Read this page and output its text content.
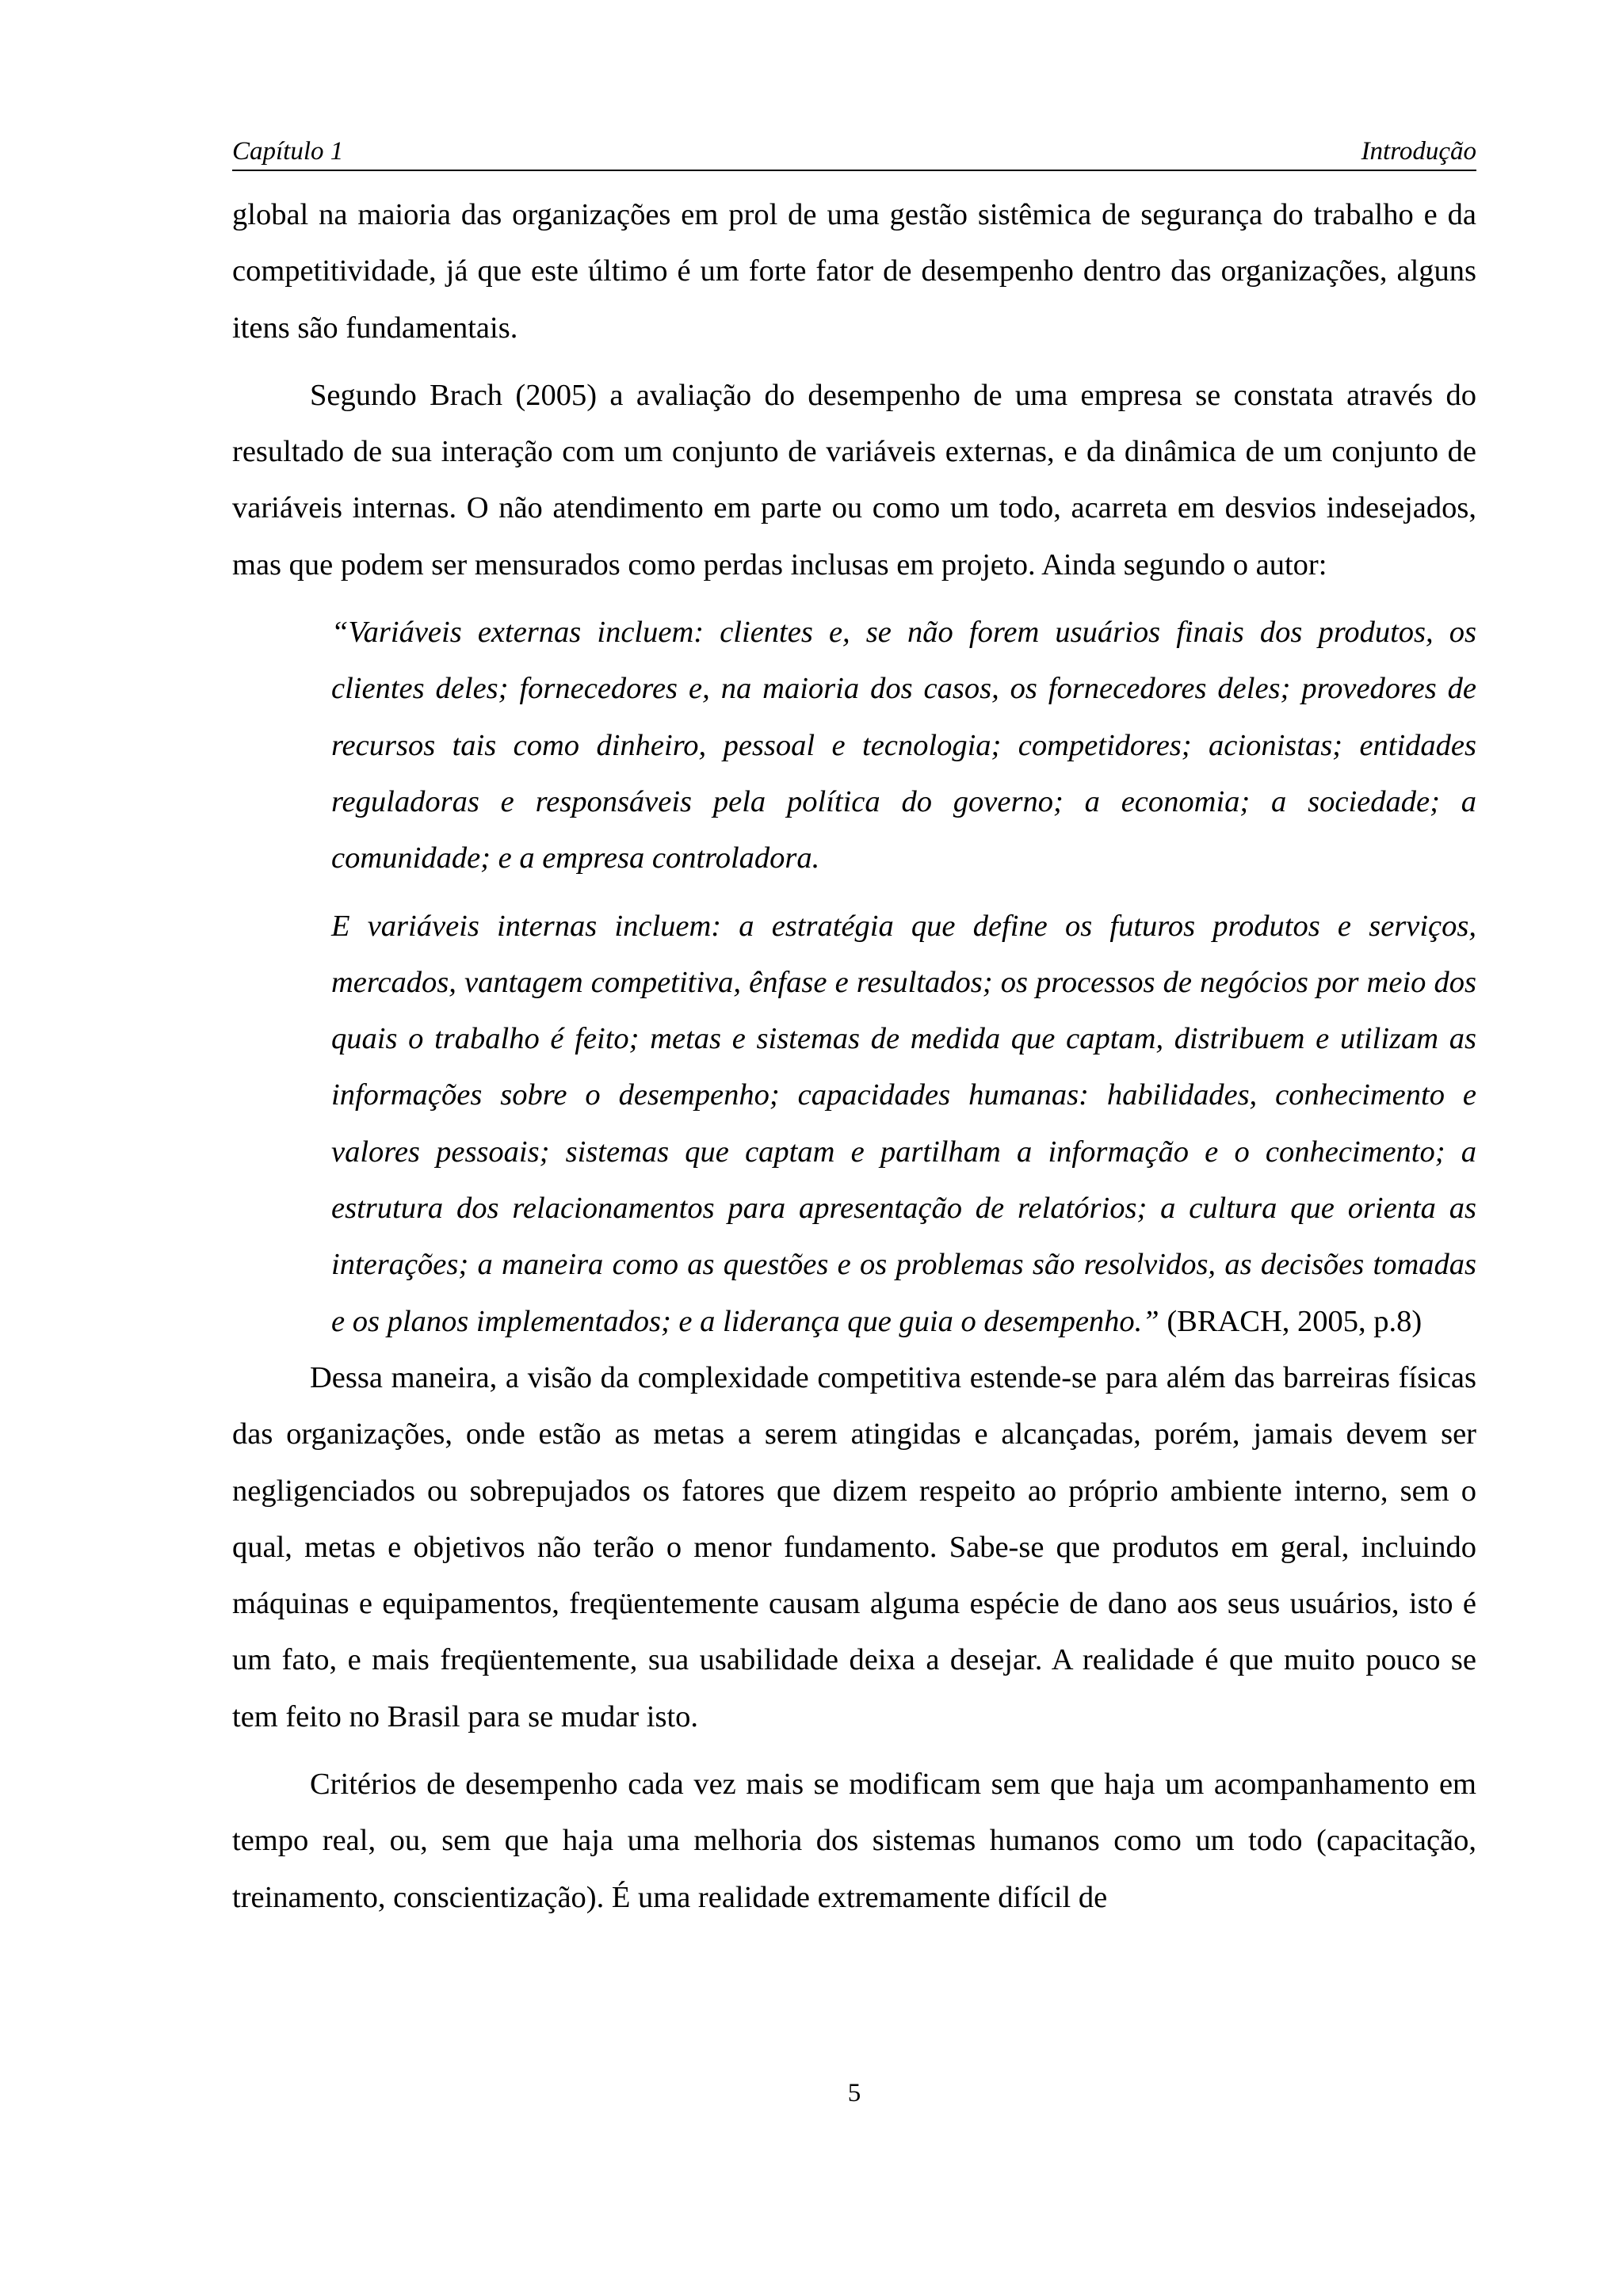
Capítulo 1	Introdução

global na maioria das organizações em prol de uma gestão sistêmica de segurança do trabalho e da competitividade, já que este último é um forte fator de desempenho dentro das organizações, alguns itens são fundamentais.

Segundo Brach (2005) a avaliação do desempenho de uma empresa se constata através do resultado de sua interação com um conjunto de variáveis externas, e da dinâmica de um conjunto de variáveis internas. O não atendimento em parte ou como um todo, acarreta em desvios indesejados, mas que podem ser mensurados como perdas inclusas em projeto. Ainda segundo o autor:

“Variáveis externas incluem: clientes e, se não forem usuários finais dos produtos, os clientes deles; fornecedores e, na maioria dos casos, os fornecedores deles; provedores de recursos tais como dinheiro, pessoal e tecnologia; competidores; acionistas; entidades reguladoras e responsáveis pela política do governo; a economia; a sociedade; a comunidade; e a empresa controladora.

E variáveis internas incluem: a estratégia que define os futuros produtos e serviços, mercados, vantagem competitiva, ênfase e resultados; os processos de negócios por meio dos quais o trabalho é feito; metas e sistemas de medida que captam, distribuem e utilizam as informações sobre o desempenho; capacidades humanas: habilidades, conhecimento e valores pessoais; sistemas que captam e partilham a informação e o conhecimento; a estrutura dos relacionamentos para apresentação de relatórios; a cultura que orienta as interações; a maneira como as questões e os problemas são resolvidos, as decisões tomadas e os planos implementados; e a liderança que guia o desempenho.” (BRACH, 2005, p.8)

Dessa maneira, a visão da complexidade competitiva estende-se para além das barreiras físicas das organizações, onde estão as metas a serem atingidas e alcançadas, porém, jamais devem ser negligenciados ou sobrepujados os fatores que dizem respeito ao próprio ambiente interno, sem o qual, metas e objetivos não terão o menor fundamento. Sabe-se que produtos em geral, incluindo máquinas e equipamentos, freqüentemente causam alguma espécie de dano aos seus usuários, isto é um fato, e mais freqüentemente, sua usabilidade deixa a desejar. A realidade é que muito pouco se tem feito no Brasil para se mudar isto.

Critérios de desempenho cada vez mais se modificam sem que haja um acompanhamento em tempo real, ou, sem que haja uma melhoria dos sistemas humanos como um todo (capacitação, treinamento, conscientização). É uma realidade extremamente difícil de

5
